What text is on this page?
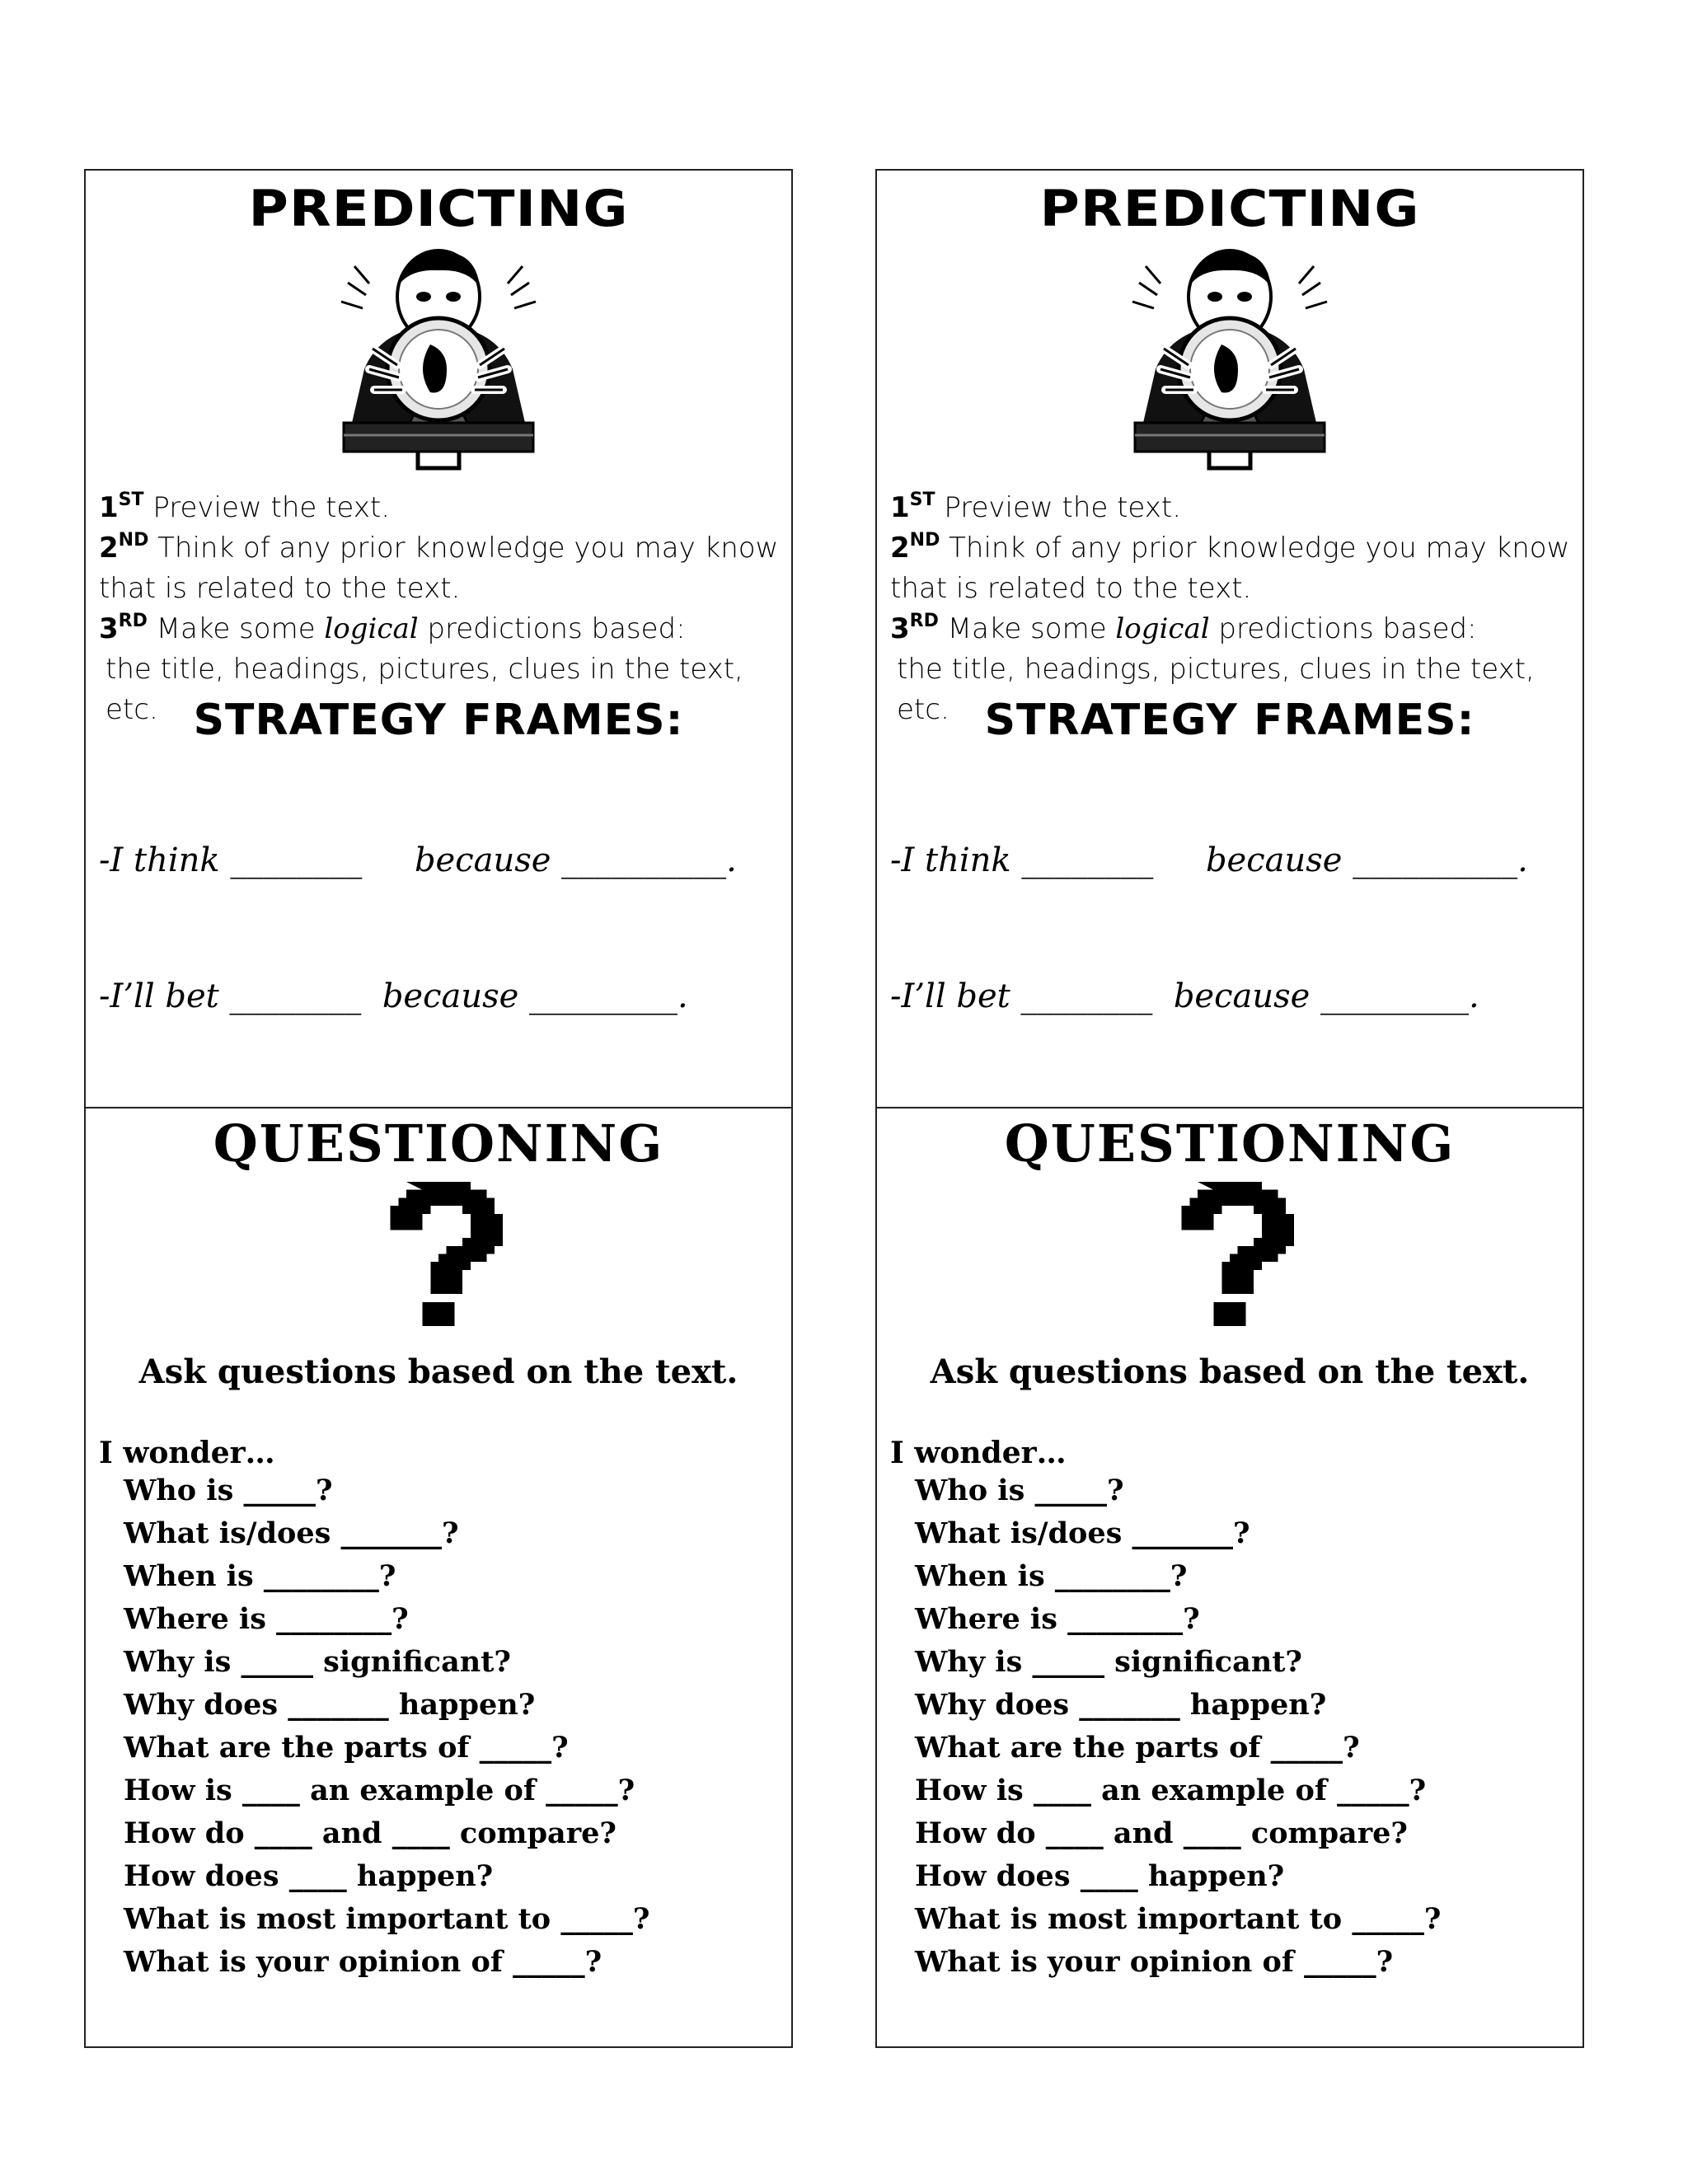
PREDICTING
1ST Preview the text.
2ND Think of any prior knowledge you may know
that is related to the text.
3RD Make some logical predictions based:
the title, headings, pictures, clues in the text, etc. STRATEGY FRAMES:

-I think ________     because __________.

-I’ll bet ________  because _________.

PREDICTING
1ST Preview the text.
2ND Think of any prior knowledge you may know
that is related to the text.
3RD Make some logical predictions based:
the title, headings, pictures, clues in the text, etc. STRATEGY FRAMES:

-I think ________     because __________.

-I’ll bet ________  because _________.

QUESTIONING
Ask questions based on the text.
I wonder…
Who is _____?
What is/does _______?
When is ________?
Where is ________?
Why is _____ significant?
Why does _______ happen?
What are the parts of _____?
How is ____ an example of _____?
How do ____ and ____ compare?
How does ____ happen?
What is most important to _____?
What is your opinion of _____?
QUESTIONING
Ask questions based on the text.
I wonder…
Who is _____?
What is/does _______?
When is ________?
Where is ________?
Why is _____ significant?
Why does _______ happen?
What are the parts of _____?
How is ____ an example of _____?
How do ____ and ____ compare?
How does ____ happen?
What is most important to _____?
What is your opinion of _____?
